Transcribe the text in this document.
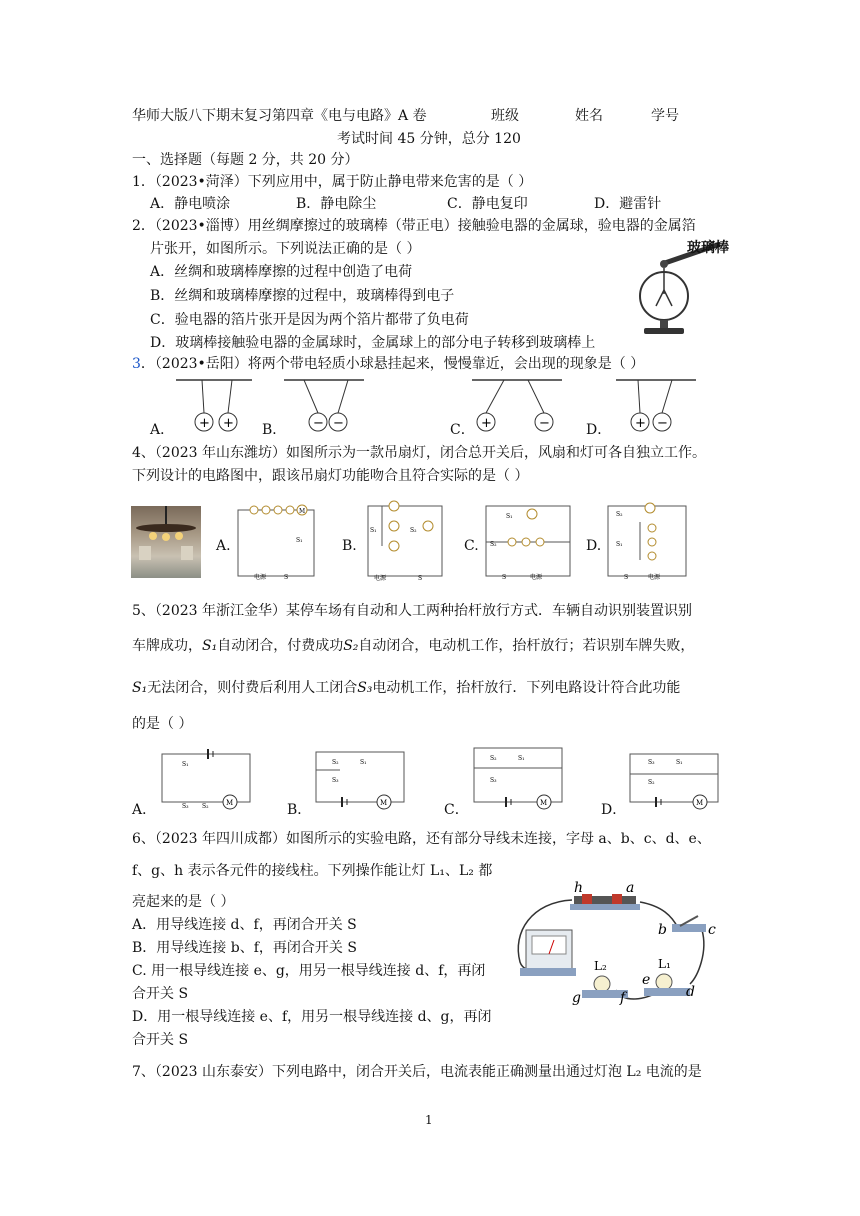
华师大版八下期末复习第四章《电与电路》A 卷	班级	姓名	学号
考试时间 45 分钟，总分 120
一、选择题（每题 2 分，共 20 分）
1．（2023•菏泽）下列应用中，属于防止静电带来危害的是（ ）
A．静电喷涂	B．静电除尘	C．静电复印	D．避雷针
2．（2023•淄博）用丝绸摩擦过的玻璃棒（带正电）接触验电器的金属球，验电器的金属箔
片张开，如图所示。下列说法正确的是（ ）
A．丝绸和玻璃棒摩擦的过程中创造了电荷
B．丝绸和玻璃棒摩擦的过程中，玻璃棒得到电子
C．验电器的箔片张开是因为两个箔片都带了负电荷
D．玻璃棒接触验电器的金属球时，金属球上的部分电子转移到玻璃棒上
玻璃棒
3．（2023•岳阳）将两个带电轻质小球悬挂起来，慢慢靠近，会出现的现象是（ ）
+ +
A．	− −
B．	+	−
C．	+ −
D．
4、（2023 年山东潍坊）如图所示为一款吊扇灯，闭合总开关后，风扇和灯可各自独立工作。
下列设计的电路图中，跟该吊扇灯功能吻合且符合实际的是（ ）
A.
M
S₁
电源	S
B.
S₁	S₂
电源	S
C.
S₁
S₂
S	电源
D.
S₂
S₁
S	电源
5、（2023 年浙江金华）某停车场有自动和人工两种抬杆放行方式．车辆自动识别装置识别
车牌成功，S₁自动闭合，付费成功S₂自动闭合，电动机工作，抬杆放行；若识别车牌失败，
S₁无法闭合，则付费后利用人工闭合S₃电动机工作，抬杆放行．下列电路设计符合此功能
的是（ ）
A．
S₁
S₃ S₂ M	B．
S₂	S₁
S₃
M	C．
S₂	S₁
S₃
M	D．
S₃	S₁
S₂
M
6、（2023 年四川成都）如图所示的实验电路，还有部分导线未连接，字母 a、b、c、d、e、
f、g、h 表示各元件的接线柱。下列操作能让灯 L₁、L₂ 都
亮起来的是（ ）
A．用导线连接 d、f，再闭合开关 S
B．用导线连接 b、f，再闭合开关 S
C. 用一根导线连接 e、g，用另一根导线连接 d、f，再闭
合开关 S
D．用一根导线连接 e、f，用另一根导线连接 d、g，再闭
合开关 S
h	a
b	c
e
d
g	f
L₂	L₁
7、（2023 山东泰安）下列电路中，闭合开关后，电流表能正确测量出通过灯泡 L₂ 电流的是
1
